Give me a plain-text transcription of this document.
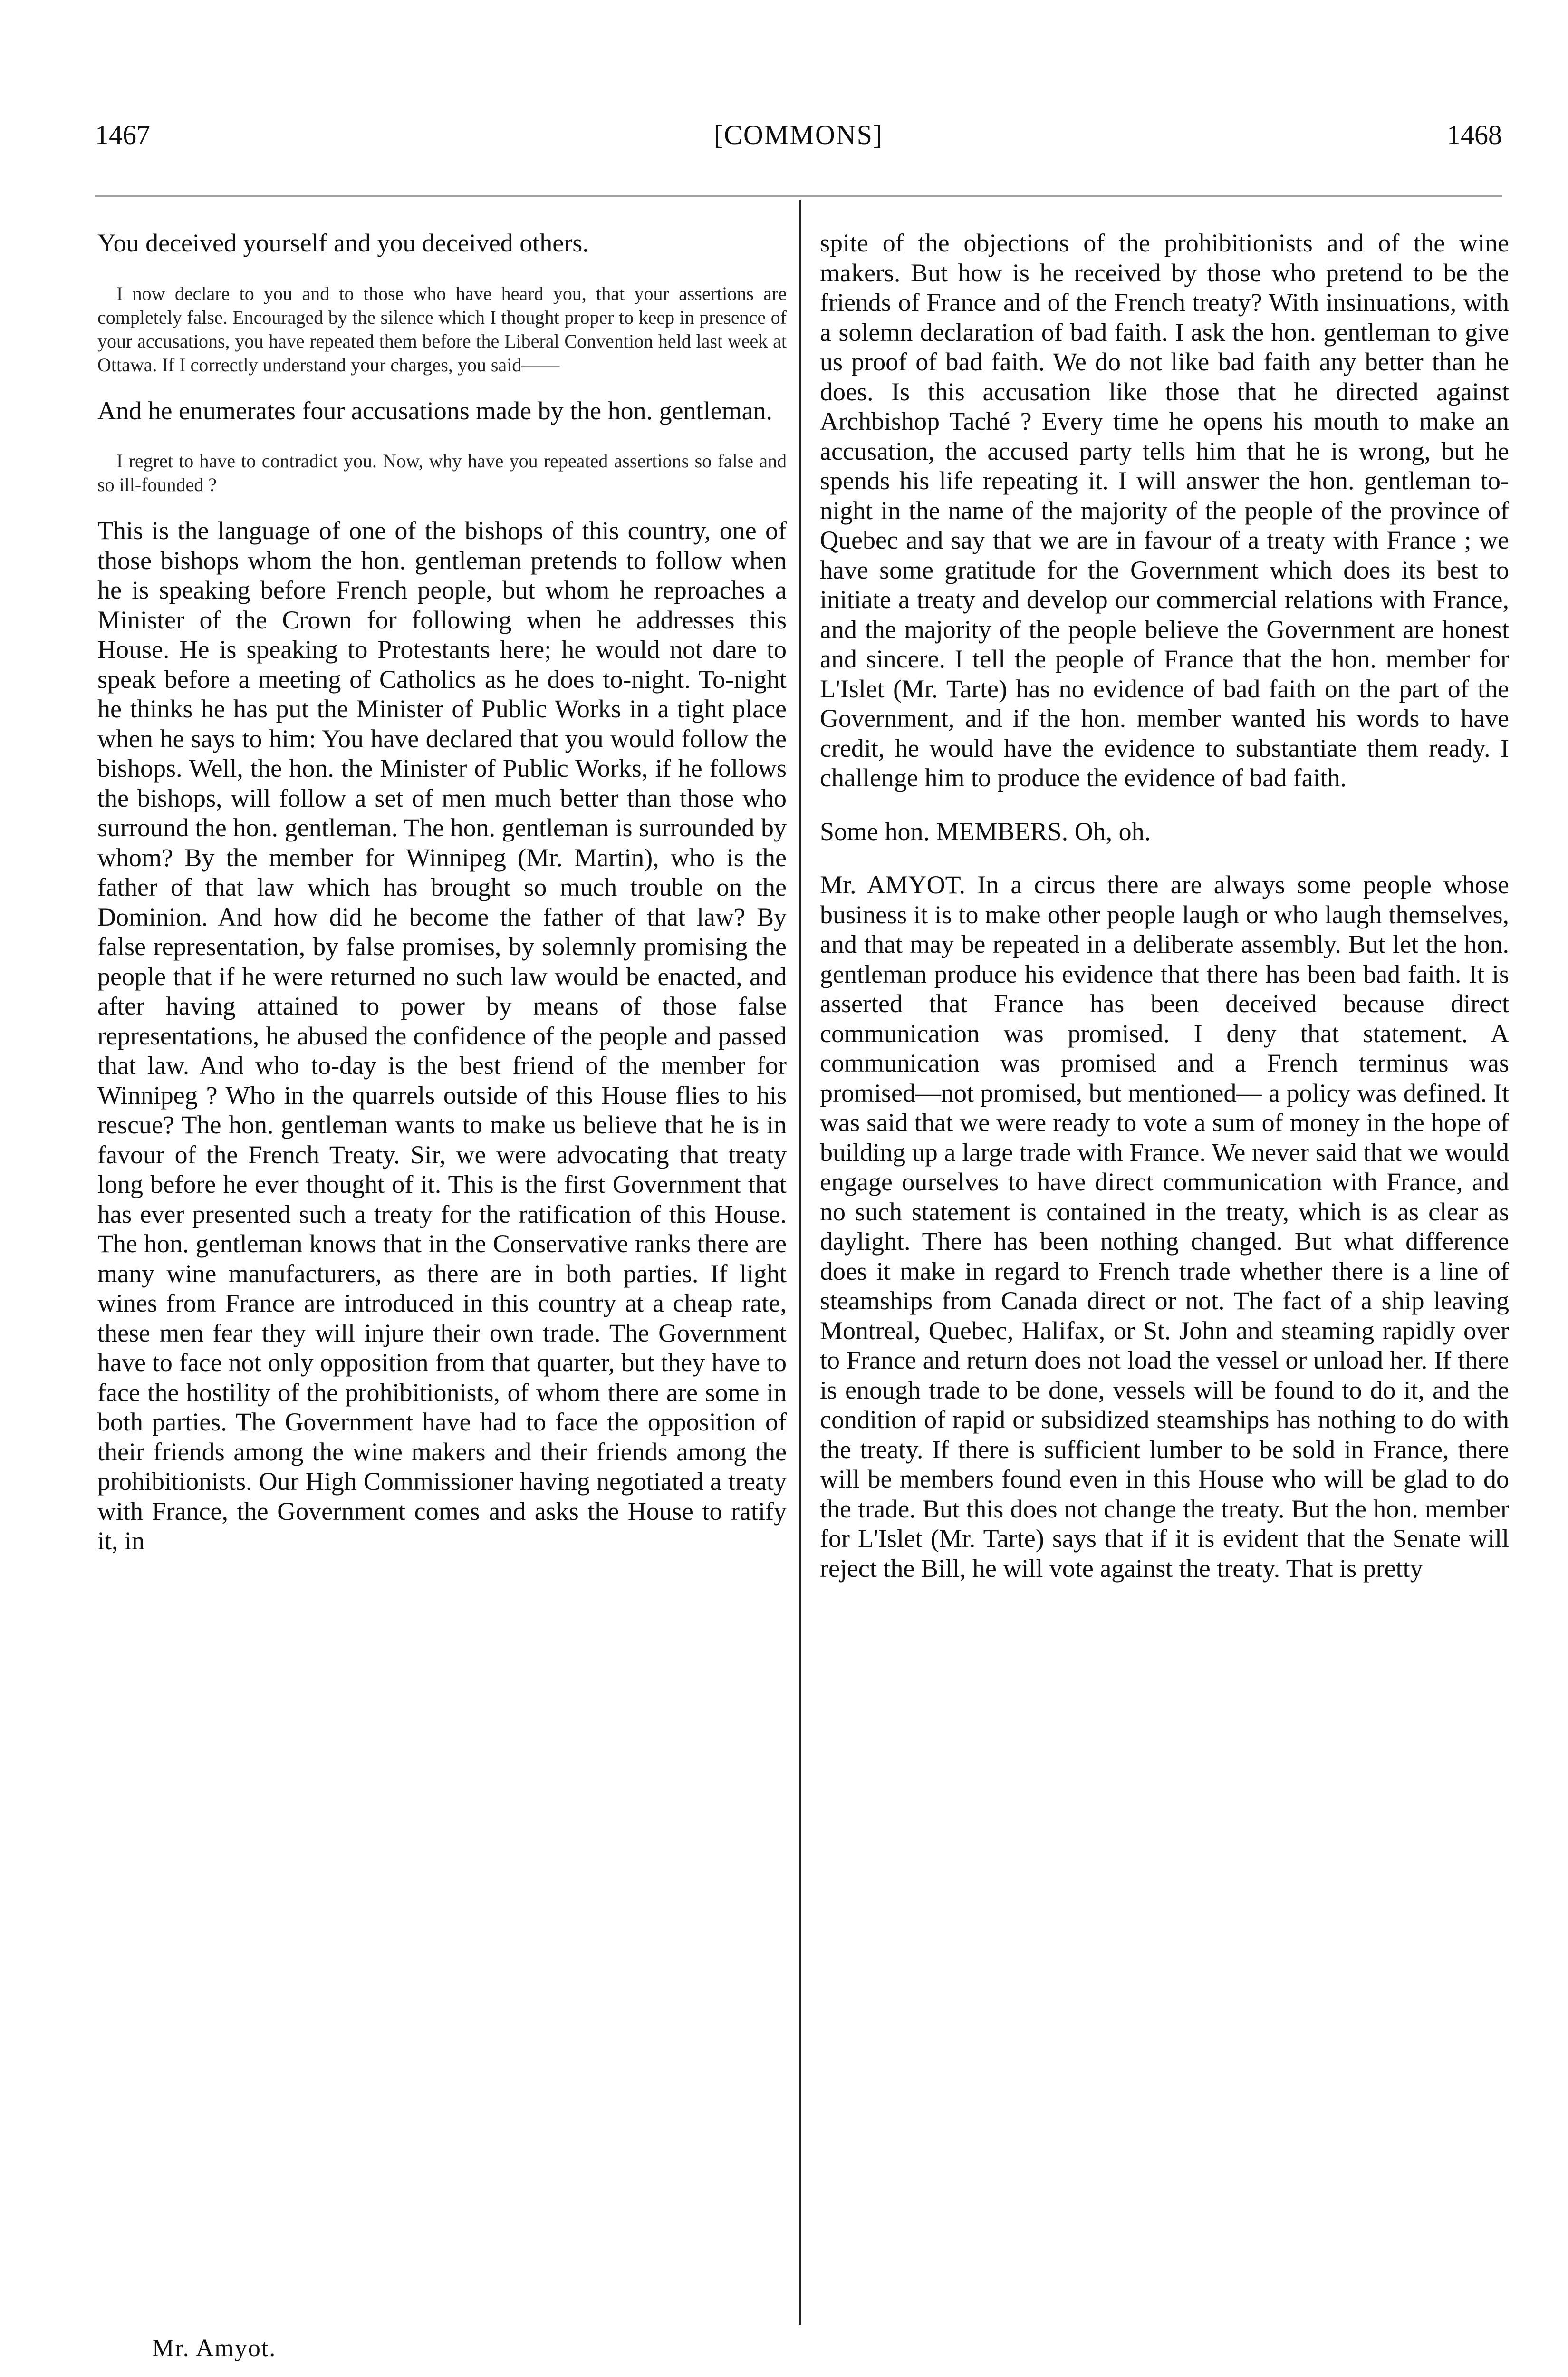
1467	[COMMONS]	1468

You deceived yourself and you deceived others.

I now declare to you and to those who have heard you, that your assertions are completely false. Encouraged by the silence which I thought proper to keep in presence of your accusations, you have repeated them before the Liberal Convention held last week at Ottawa. If I correctly understand your charges, you said——

And he enumerates four accusations made by the hon. gentleman.

I regret to have to contradict you. Now, why have you repeated assertions so false and so ill-founded ?

This is the language of one of the bishops of this country, one of those bishops whom the hon. gentleman pretends to follow when he is speaking before French people, but whom he reproaches a Minister of the Crown for following when he addresses this House. He is speaking to Protestants here; he would not dare to speak before a meeting of Catholics as he does to-night. To-night he thinks he has put the Minister of Public Works in a tight place when he says to him: You have declared that you would follow the bishops. Well, the hon. the Minister of Public Works, if he follows the bishops, will follow a set of men much better than those who surround the hon. gentleman. The hon. gentleman is surrounded by whom? By the member for Winnipeg (Mr. Martin), who is the father of that law which has brought so much trouble on the Dominion. And how did he become the father of that law? By false representation, by false promises, by solemnly promising the people that if he were returned no such law would be enacted, and after having attained to power by means of those false representations, he abused the confidence of the people and passed that law. And who to-day is the best friend of the member for Winnipeg ? Who in the quarrels outside of this House flies to his rescue? The hon. gentleman wants to make us believe that he is in favour of the French Treaty. Sir, we were advocating that treaty long before he ever thought of it. This is the first Government that has ever presented such a treaty for the ratification of this House. The hon. gentleman knows that in the Conservative ranks there are many wine manufacturers, as there are in both parties. If light wines from France are introduced in this country at a cheap rate, these men fear they will injure their own trade. The Government have to face not only opposition from that quarter, but they have to face the hostility of the prohibitionists, of whom there are some in both parties. The Government have had to face the opposition of their friends among the wine makers and their friends among the prohibitionists. Our High Commissioner having negotiated a treaty with France, the Government comes and asks the House to ratify it, in

spite of the objections of the prohibitionists and of the wine makers. But how is he received by those who pretend to be the friends of France and of the French treaty? With insinuations, with a solemn declaration of bad faith. I ask the hon. gentleman to give us proof of bad faith. We do not like bad faith any better than he does. Is this accusation like those that he directed against Archbishop Taché ? Every time he opens his mouth to make an accusation, the accused party tells him that he is wrong, but he spends his life repeating it. I will answer the hon. gentleman to-night in the name of the majority of the people of the province of Quebec and say that we are in favour of a treaty with France ; we have some gratitude for the Government which does its best to initiate a treaty and develop our commercial relations with France, and the majority of the people believe the Government are honest and sincere. I tell the people of France that the hon. member for L'Islet (Mr. Tarte) has no evidence of bad faith on the part of the Government, and if the hon. member wanted his words to have credit, he would have the evidence to substantiate them ready. I challenge him to produce the evidence of bad faith.

Some hon. MEMBERS. Oh, oh.

Mr. AMYOT. In a circus there are always some people whose business it is to make other people laugh or who laugh themselves, and that may be repeated in a deliberate assembly. But let the hon. gentleman produce his evidence that there has been bad faith. It is asserted that France has been deceived because direct communication was promised. I deny that statement. A communication was promised and a French terminus was promised—not promised, but mentioned— a policy was defined. It was said that we were ready to vote a sum of money in the hope of building up a large trade with France. We never said that we would engage ourselves to have direct communication with France, and no such statement is contained in the treaty, which is as clear as daylight. There has been nothing changed. But what difference does it make in regard to French trade whether there is a line of steamships from Canada direct or not. The fact of a ship leaving Montreal, Quebec, Halifax, or St. John and steaming rapidly over to France and return does not load the vessel or unload her. If there is enough trade to be done, vessels will be found to do it, and the condition of rapid or subsidized steamships has nothing to do with the treaty. If there is sufficient lumber to be sold in France, there will be members found even in this House who will be glad to do the trade. But this does not change the treaty. But the hon. member for L'Islet (Mr. Tarte) says that if it is evident that the Senate will reject the Bill, he will vote against the treaty. That is pretty

Mr. Amyot.
